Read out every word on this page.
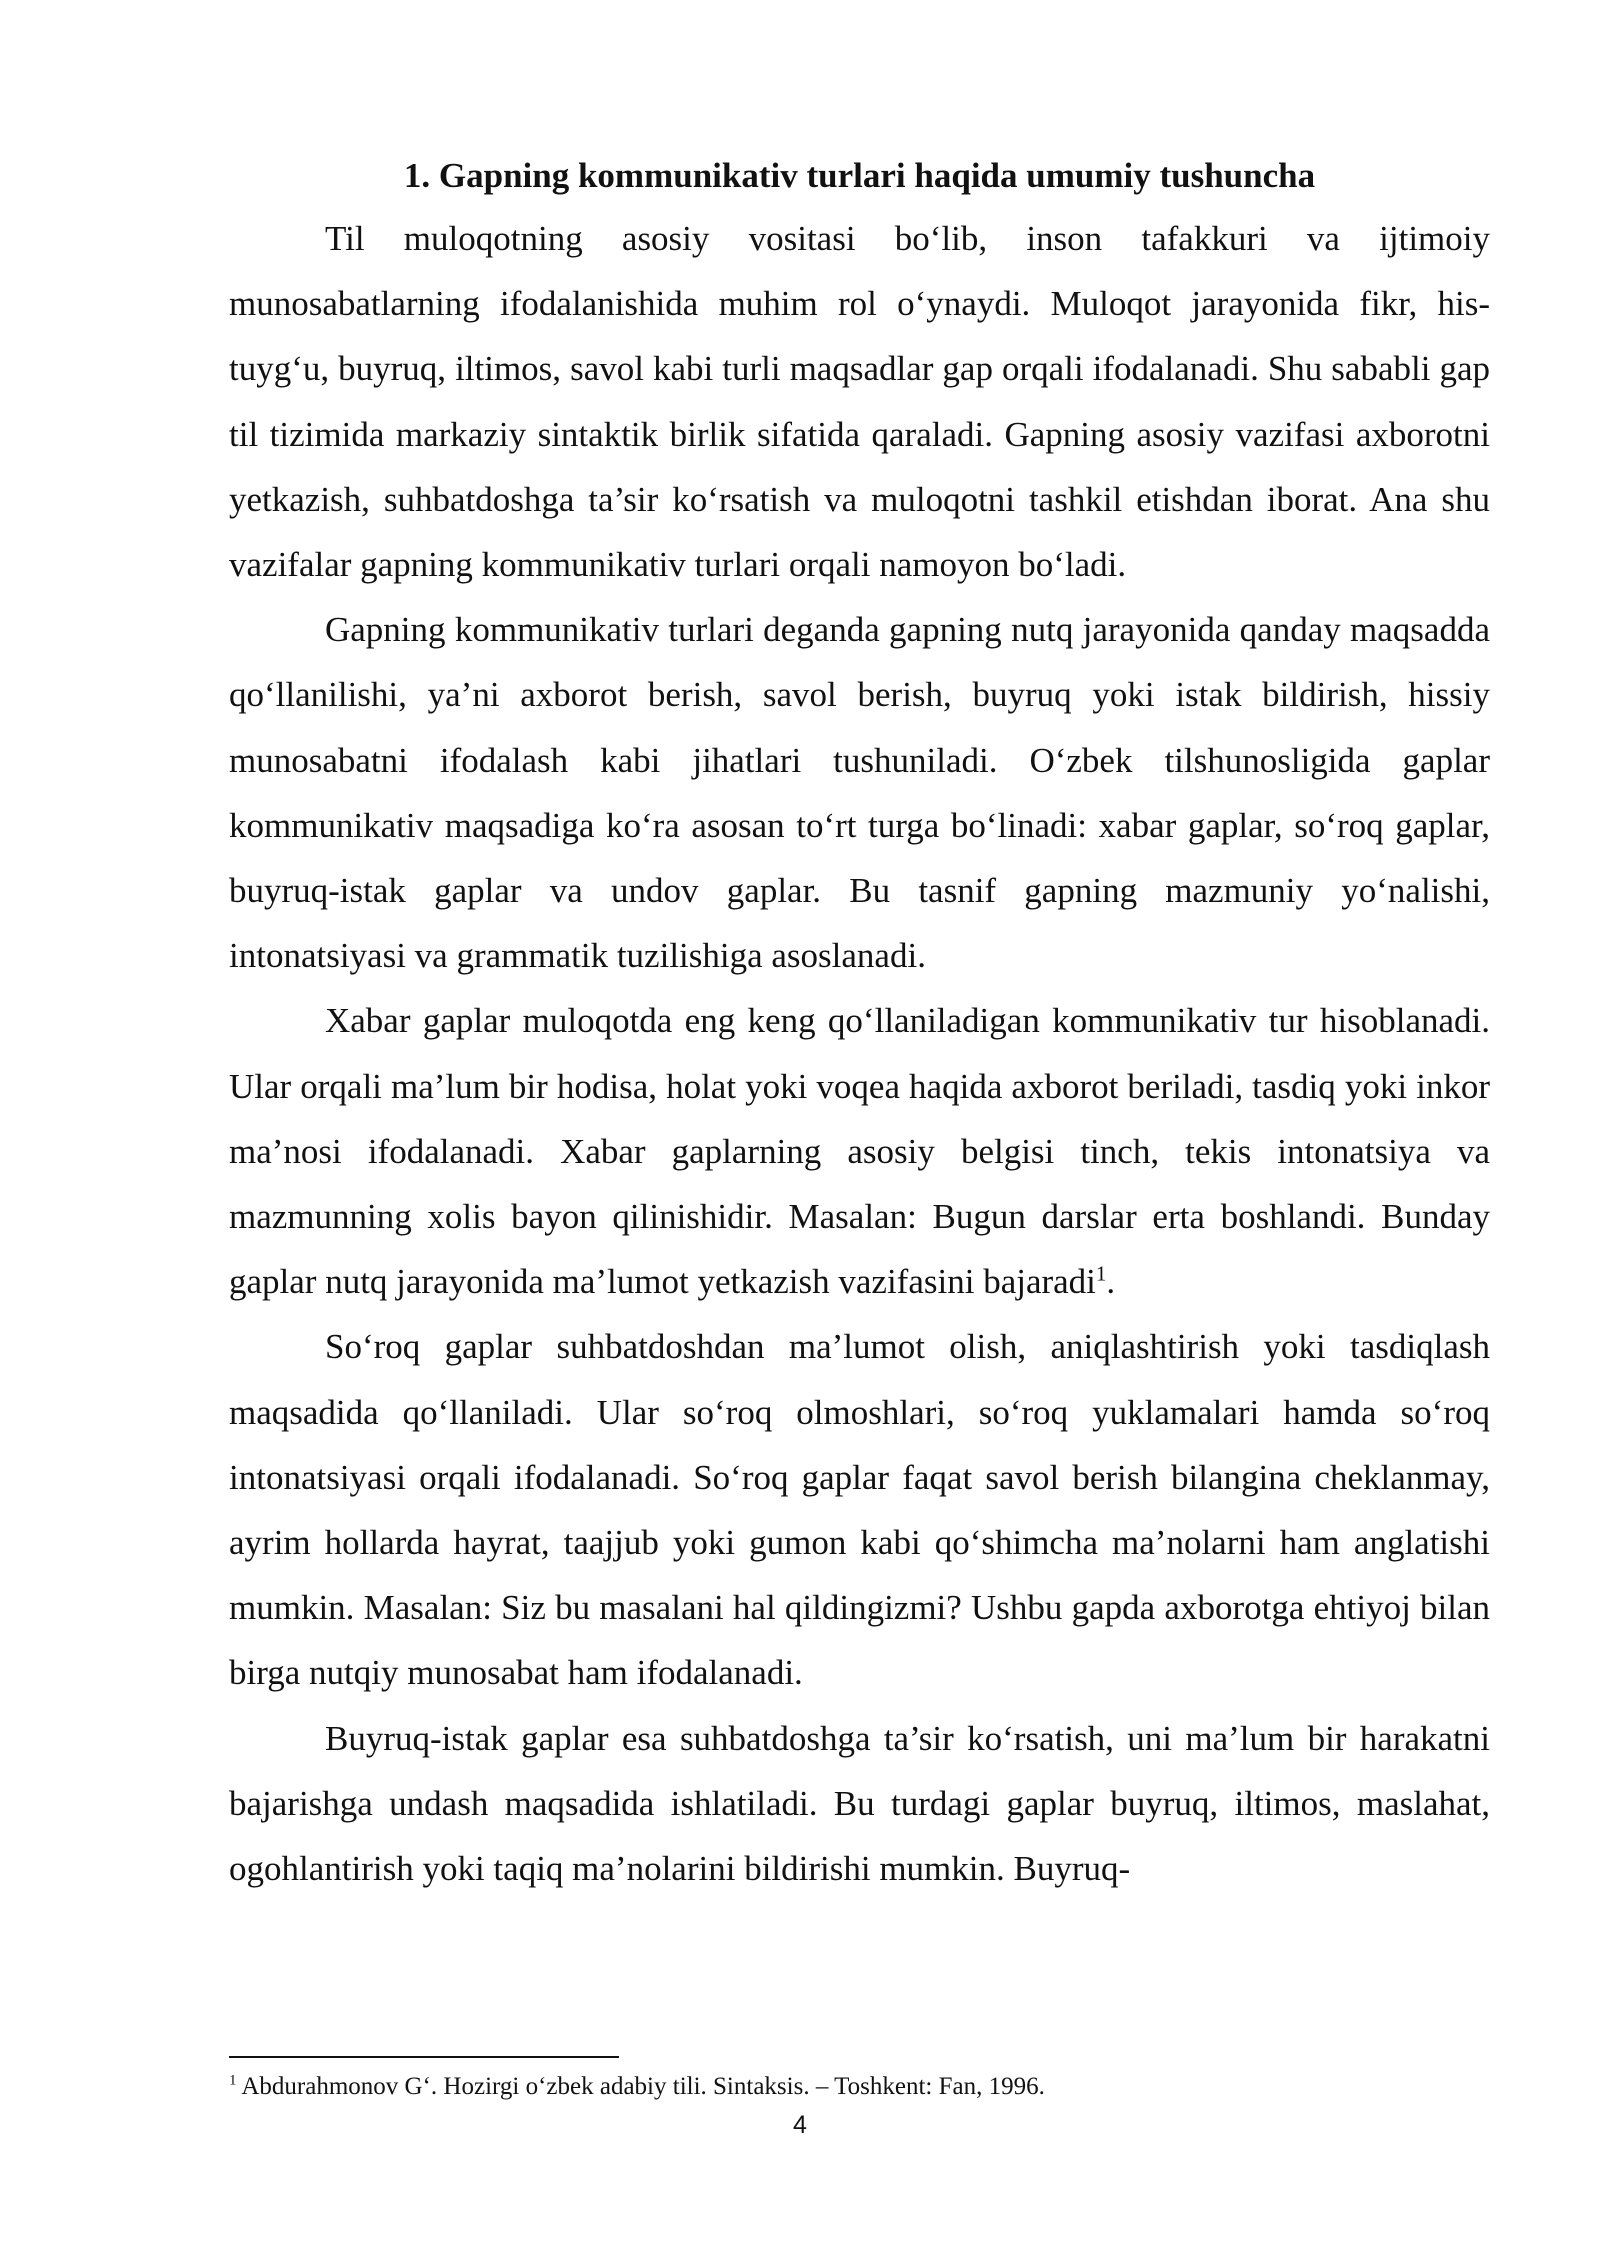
1. Gapning kommunikativ turlari haqida umumiy tushuncha

Til muloqotning asosiy vositasi bo‘lib, inson tafakkuri va ijtimoiy munosabatlarning ifodalanishida muhim rol o‘ynaydi. Muloqot jarayonida fikr, his-tuyg‘u, buyruq, iltimos, savol kabi turli maqsadlar gap orqali ifodalanadi. Shu sababli gap til tizimida markaziy sintaktik birlik sifatida qaraladi. Gapning asosiy vazifasi axborotni yetkazish, suhbatdoshga ta’sir ko‘rsatish va muloqotni tashkil etishdan iborat. Ana shu vazifalar gapning kommunikativ turlari orqali namoyon bo‘ladi.

Gapning kommunikativ turlari deganda gapning nutq jarayonida qanday maqsadda qo‘llanilishi, ya’ni axborot berish, savol berish, buyruq yoki istak bildirish, hissiy munosabatni ifodalash kabi jihatlari tushuniladi. O‘zbek tilshunosligida gaplar kommunikativ maqsadiga ko‘ra asosan to‘rt turga bo‘linadi: xabar gaplar, so‘roq gaplar, buyruq-istak gaplar va undov gaplar. Bu tasnif gapning mazmuniy yo‘nalishi, intonatsiyasi va grammatik tuzilishiga asoslanadi.

Xabar gaplar muloqotda eng keng qo‘llaniladigan kommunikativ tur hisoblanadi. Ular orqali ma’lum bir hodisa, holat yoki voqea haqida axborot beriladi, tasdiq yoki inkor ma’nosi ifodalanadi. Xabar gaplarning asosiy belgisi tinch, tekis intonatsiya va mazmunning xolis bayon qilinishidir. Masalan: Bugun darslar erta boshlandi. Bunday gaplar nutq jarayonida ma’lumot yetkazish vazifasini bajaradi$^1$.

So‘roq gaplar suhbatdoshdan ma’lumot olish, aniqlashtirish yoki tasdiqlash maqsadida qo‘llaniladi. Ular so‘roq olmoshlari, so‘roq yuklamalari hamda so‘roq intonatsiyasi orqali ifodalanadi. So‘roq gaplar faqat savol berish bilangina cheklanmay, ayrim hollarda hayrat, taajjub yoki gumon kabi qo‘shimcha ma’nolarni ham anglatishi mumkin. Masalan: Siz bu masalani hal qildingizmi? Ushbu gapda axborotga ehtiyoj bilan birga nutqiy munosabat ham ifodalanadi.

Buyruq-istak gaplar esa suhbatdoshga ta’sir ko‘rsatish, uni ma’lum bir harakatni bajarishga undash maqsadida ishlatiladi. Bu turdagi gaplar buyruq, iltimos, maslahat, ogohlantirish yoki taqiq ma’nolarini bildirishi mumkin. Buyruq-

$^1$ Abdurahmonov G‘. Hozirgi o‘zbek adabiy tili. Sintaksis. – Toshkent: Fan, 1996.
4
